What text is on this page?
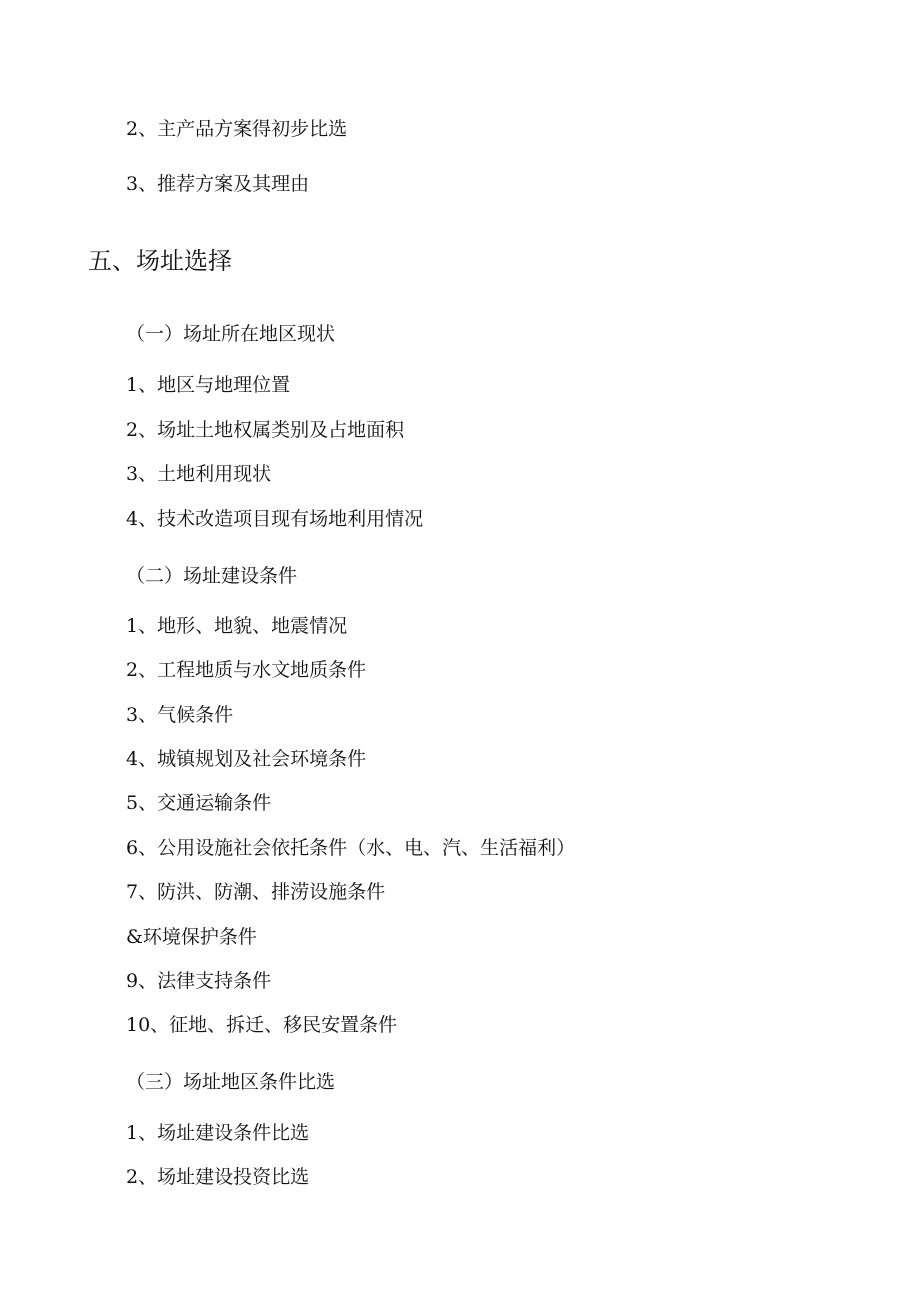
2、主产品方案得初步比选
3、推荐方案及其理由
五、场址选择
（一）场址所在地区现状
1、地区与地理位置
2、场址土地权属类别及占地面积
3、土地利用现状
4、技术改造项目现有场地利用情况
（二）场址建设条件
1、地形、地貌、地震情况
2、工程地质与水文地质条件
3、气候条件
4、城镇规划及社会环境条件
5、交通运输条件
6、公用设施社会依托条件（水、电、汽、生活福利）
7、防洪、防潮、排涝设施条件
&环境保护条件
9、法律支持条件
10、征地、拆迁、移民安置条件
（三）场址地区条件比选
1、场址建设条件比选
2、场址建设投资比选
